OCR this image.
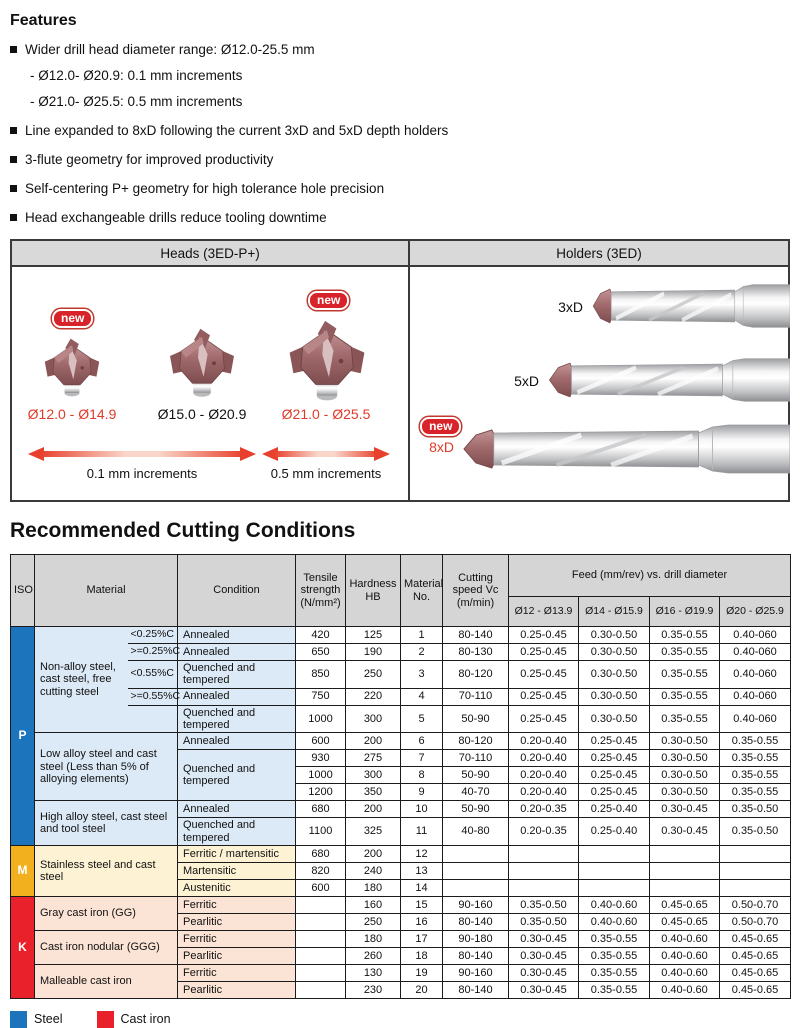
Features
Wider drill head diameter range: Ø12.0-25.5 mm
- Ø12.0- Ø20.9: 0.1 mm increments
- Ø21.0- Ø25.5: 0.5 mm increments
Line expanded to 8xD following the current 3xD and 5xD depth holders
3-flute geometry for improved productivity
Self-centering P+ geometry for high tolerance hole precision
Head exchangeable drills reduce tooling downtime
Heads (3ED-P+)
new
new
Ø12.0 - Ø14.9	Ø15.0 - Ø20.9	Ø21.0 - Ø25.5
0.1 mm increments	0.5 mm increments
Holders (3ED)
3xD
5xD
new
8xD
Recommended Cutting Conditions
ISO	Material		Condition	Tensile strength (N/mm²)	Hardness HB	Material No.	Cutting speed Vc (m/min)	Feed (mm/rev) vs. drill diameter			
								Ø12 - Ø13.9	Ø14 - Ø15.9	Ø16 - Ø19.9	Ø20 - Ø25.9
P	Non-alloy steel, cast steel, free cutting steel	<0.25%C	Annealed	420	125	1	80-140	0.25-0.45	0.30-0.50	0.35-0.55	0.40-060
		>=0.25%C	Annealed	650	190	2	80-130	0.25-0.45	0.30-0.50	0.35-0.55	0.40-060
		<0.55%C	Quenched and tempered	850	250	3	80-120	0.25-0.45	0.30-0.50	0.35-0.55	0.40-060
		>=0.55%C	Annealed	750	220	4	70-110	0.25-0.45	0.30-0.50	0.35-0.55	0.40-060
			Quenched and tempered	1000	300	5	50-90	0.25-0.45	0.30-0.50	0.35-0.55	0.40-060
	Low alloy steel and cast steel (Less than 5% of alloying elements)		Annealed	600	200	6	80-120	0.20-0.40	0.25-0.45	0.30-0.50	0.35-0.55
			Quenched and tempered	930	275	7	70-110	0.20-0.40	0.25-0.45	0.30-0.50	0.35-0.55
				1000	300	8	50-90	0.20-0.40	0.25-0.45	0.30-0.50	0.35-0.55
				1200	350	9	40-70	0.20-0.40	0.25-0.45	0.30-0.50	0.35-0.55
	High alloy steel, cast steel and tool steel		Annealed	680	200	10	50-90	0.20-0.35	0.25-0.40	0.30-0.45	0.35-0.50
			Quenched and tempered	1100	325	11	40-80	0.20-0.35	0.25-0.40	0.30-0.45	0.35-0.50
M	Stainless steel and cast steel		Ferritic / martensitic	680	200	12					
			Martensitic	820	240	13					
			Austenitic	600	180	14					
K	Gray cast iron (GG)		Ferritic		160	15	90-160	0.35-0.50	0.40-0.60	0.45-0.65	0.50-0.70
			Pearlitic		250	16	80-140	0.35-0.50	0.40-0.60	0.45-0.65	0.50-0.70
	Cast iron nodular (GGG)		Ferritic		180	17	90-180	0.30-0.45	0.35-0.55	0.40-0.60	0.45-0.65
			Pearlitic		260	18	80-140	0.30-0.45	0.35-0.55	0.40-0.60	0.45-0.65
	Malleable cast iron		Ferritic		130	19	90-160	0.30-0.45	0.35-0.55	0.40-0.60	0.45-0.65
			Pearlitic		230	20	80-140	0.30-0.45	0.35-0.55	0.40-0.60	0.45-0.65
Steel	Cast iron
